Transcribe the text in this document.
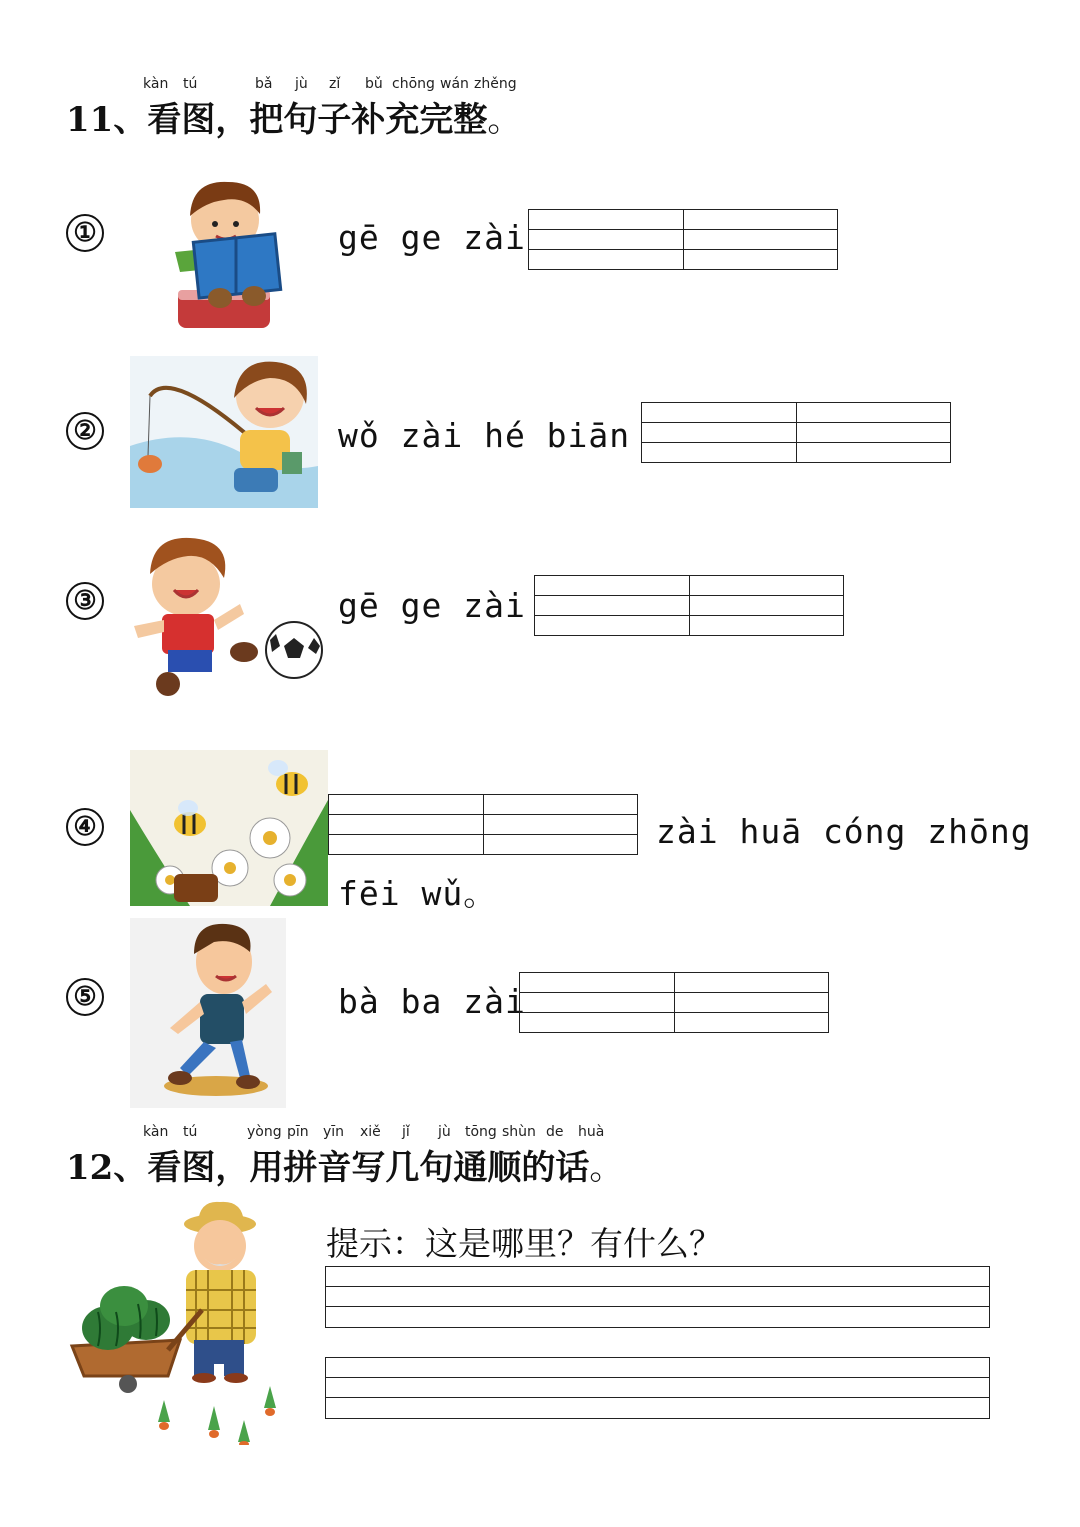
kàn tú	bǎ jù zǐ bǔ chōng wán zhěng
11、看图，把句子补充完整。
①	gē ge zài
②	wǒ zài hé biān
③	gē ge zài
④	zài huā cóng zhōng
fēi wǔ。
⑤	bà ba zài
kàn tú	yòng pīn yīn xiě jǐ jù tōng shùn de huà
12、看图，用拼音写几句通顺的话。
提示：这是哪里？有什么？
